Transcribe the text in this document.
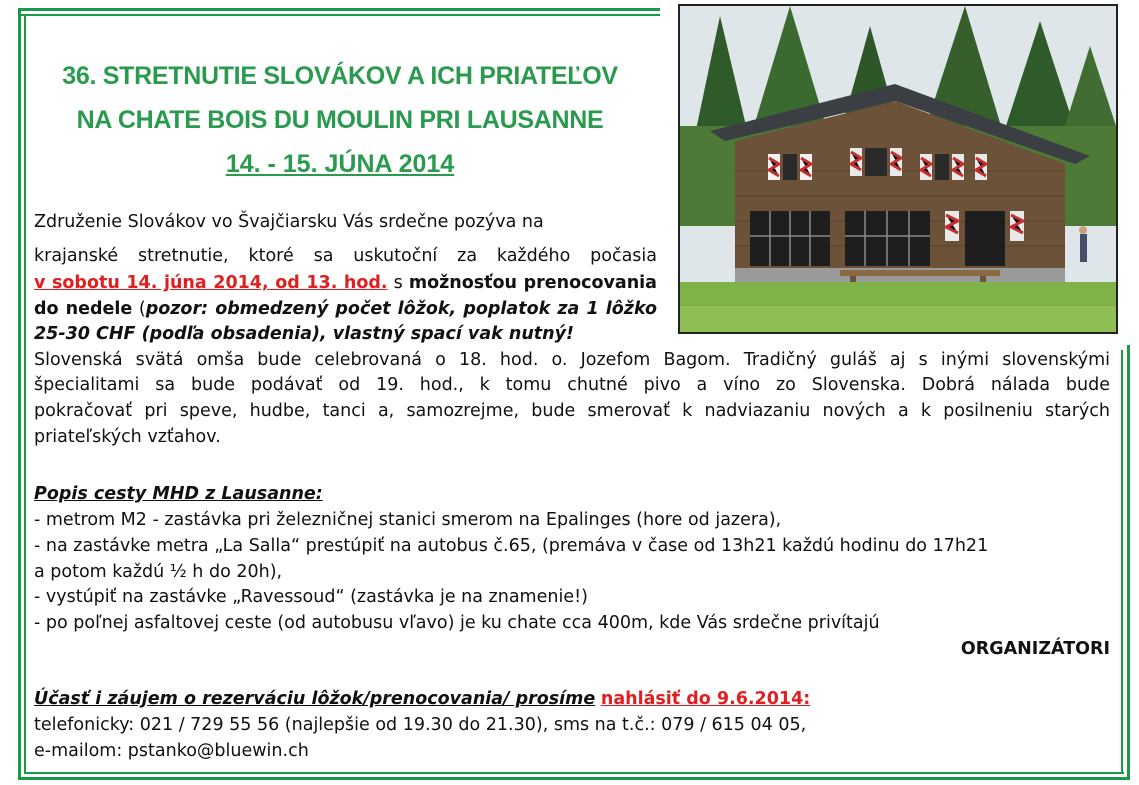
36. STRETNUTIE SLOVÁKOV A ICH PRIATEĽOV
NA CHATE BOIS DU MOULIN PRI LAUSANNE
14. - 15. JÚNA 2014
Združenie Slovákov vo Švajčiarsku Vás srdečne pozýva na
krajanské stretnutie, ktoré sa uskutoční za každého počasia
v sobotu 14. júna 2014, od 13. hod. s možnosťou prenocovania
do nedele (pozor: obmedzený počet lôžok, poplatok za 1 lôžko
25-30 CHF (podľa obsadenia), vlastný spací vak nutný!
Slovenská svätá omša bude celebrovaná o 18. hod. o. Jozefom Bagom. Tradičný guláš aj s inými slovenskými
špecialitami sa bude podávať od 19. hod., k tomu chutné pivo a víno zo Slovenska. Dobrá nálada bude
pokračovať pri speve, hudbe, tanci a, samozrejme, bude smerovať k nadviazaniu nových a k posilneniu starých
priateľských vzťahov.
Popis cesty MHD z Lausanne:
- metrom M2 - zastávka pri železničnej stanici smerom na Epalinges (hore od jazera),
- na zastávke metra „La Salla“ prestúpiť na autobus č.65, (premáva v čase od 13h21 každú hodinu do 17h21
a potom každú ½ h do 20h),
- vystúpiť na zastávke „Ravessoud“ (zastávka je na znamenie!)
- po poľnej asfaltovej ceste (od autobusu vľavo) je ku chate cca 400m, kde Vás srdečne privítajú
ORGANIZÁTORI
Účasť i záujem o rezerváciu lôžok/prenocovania/ prosíme nahlásiť do 9.6.2014:
telefonicky: 021 / 729 55 56 (najlepšie od 19.30 do 21.30), sms na t.č.: 079 / 615 04 05,
e-mailom: pstanko@bluewin.ch
